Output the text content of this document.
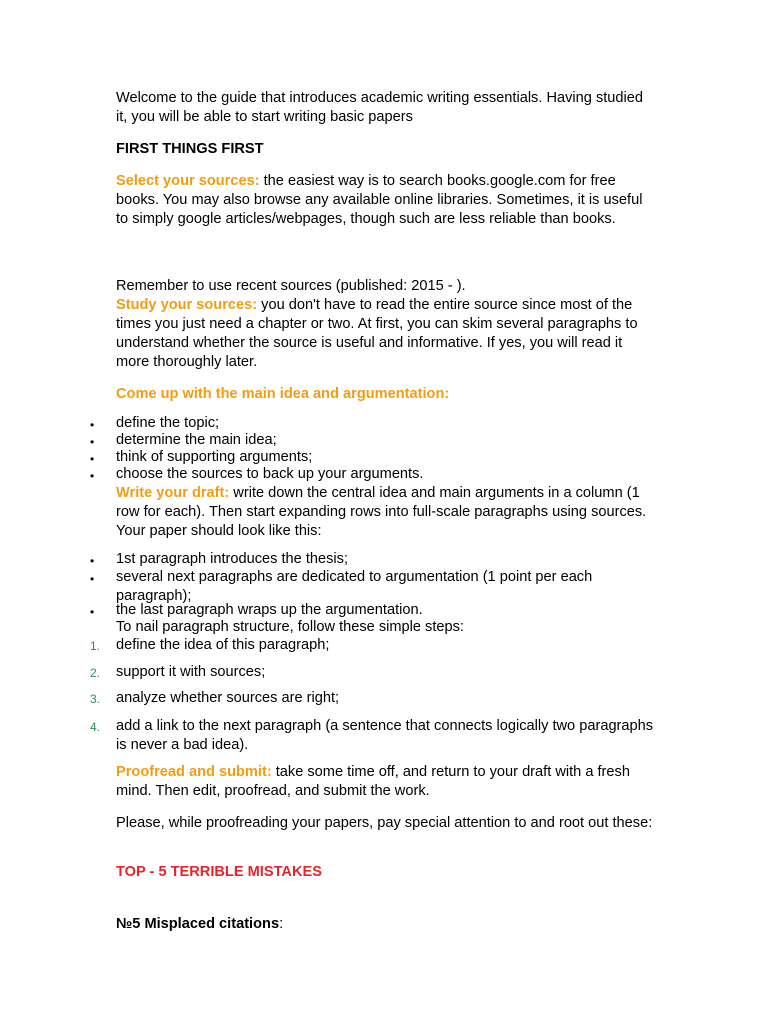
Welcome to the guide that introduces academic writing essentials. Having studied it, you will be able to start writing basic papers

FIRST THINGS FIRST

Select your sources: the easiest way is to search books.google.com for free books. You may also browse any available online libraries. Sometimes, it is useful to simply google articles/webpages, though such are less reliable than books.

Remember to use recent sources (published: 2015 - ).

Study your sources: you don't have to read the entire source since most of the times you just need a chapter or two. At first, you can skim several paragraphs to understand whether the source is useful and informative. If yes, you will read it more thoroughly later.

Come up with the main idea and argumentation:

•	define the topic;

•	determine the main idea;

•	think of supporting arguments;

•	choose the sources to back up your arguments.

Write your draft: write down the central idea and main arguments in a column (1 row for each). Then start expanding rows into full-scale paragraphs using sources. Your paper should look like this:

•	1st paragraph introduces the thesis;

•	several next paragraphs are dedicated to argumentation (1 point per each paragraph);

•	the last paragraph wraps up the argumentation.

To nail paragraph structure, follow these simple steps:

1. define the idea of this paragraph;

2. support it with sources;

3. analyze whether sources are right;

4. add a link to the next paragraph (a sentence that connects logically two paragraphs is never a bad idea).

Proofread and submit: take some time off, and return to your draft with a fresh mind. Then edit, proofread, and submit the work.

Please, while proofreading your papers, pay special attention to and root out these:

TOP - 5 TERRIBLE MISTAKES

№5 Misplaced citations:
